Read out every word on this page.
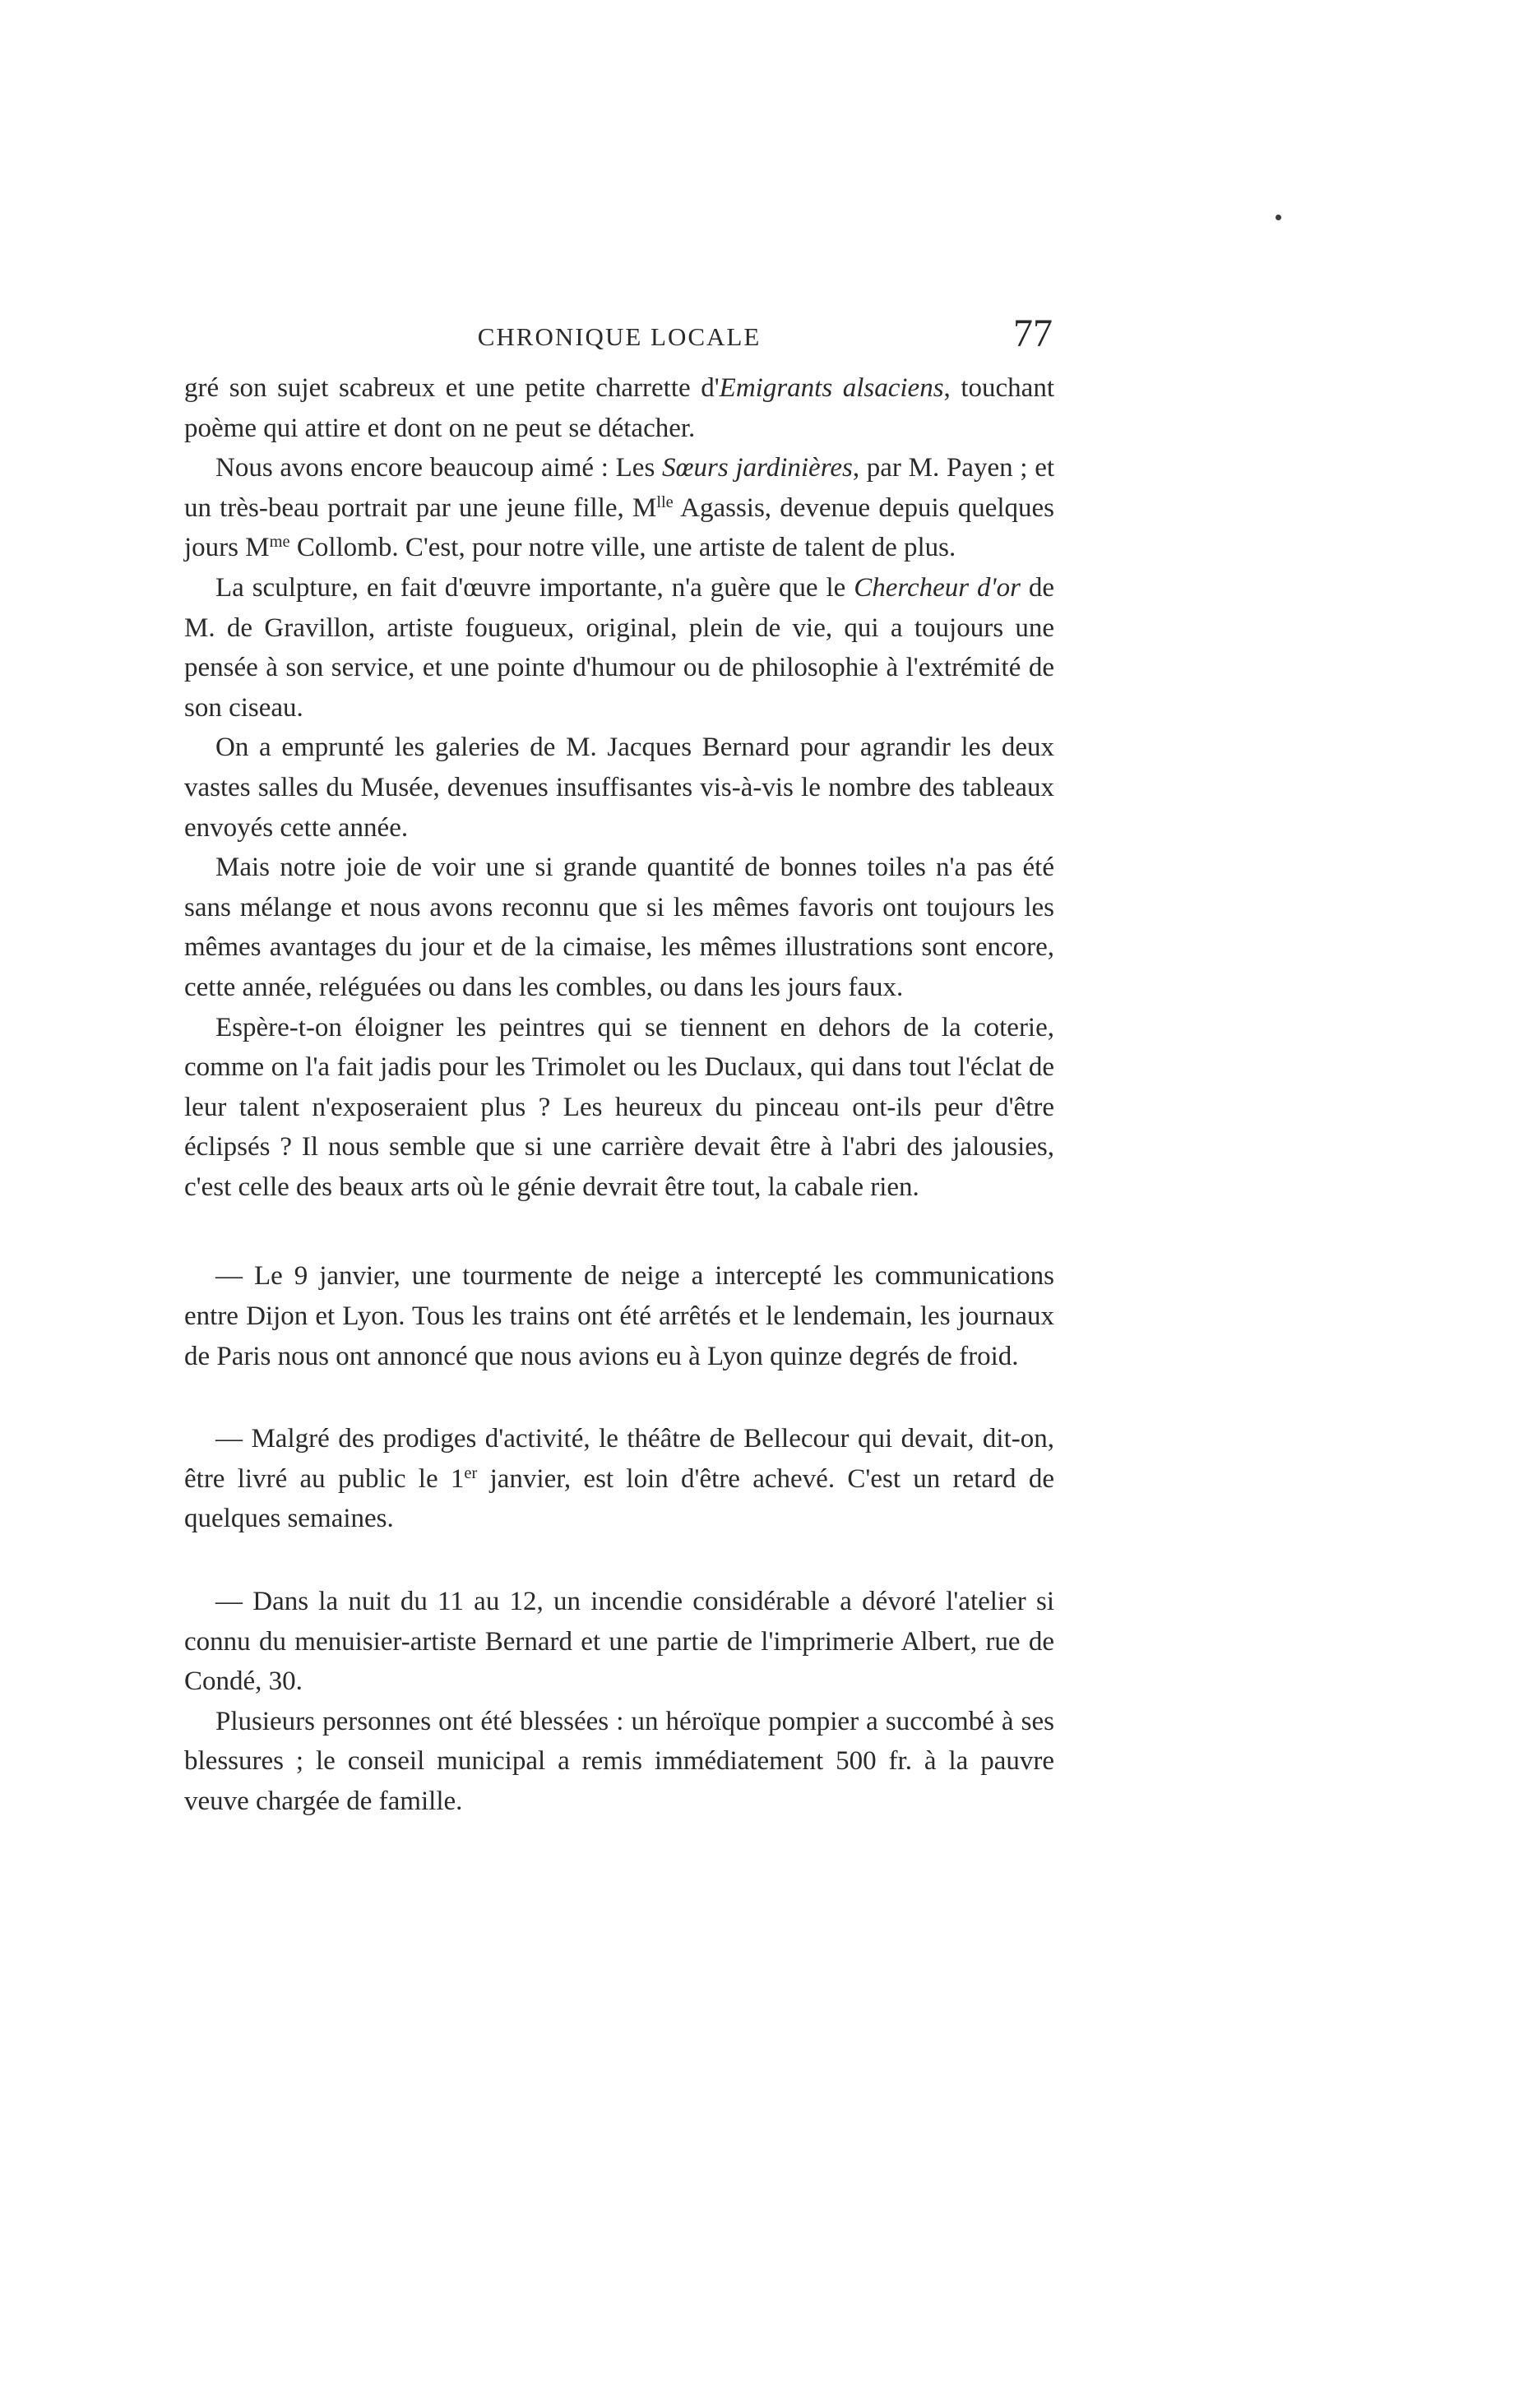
CHRONIQUE LOCALE	77

gré son sujet scabreux et une petite charrette d'Emigrants alsaciens, touchant poème qui attire et dont on ne peut se détacher.

Nous avons encore beaucoup aimé : Les Sœurs jardinières, par M. Payen ; et un très-beau portrait par une jeune fille, $M^{lle}$ Agassis, devenue depuis quelques jours $M^{me}$ Collomb. C'est, pour notre ville, une artiste de talent de plus.

La sculpture, en fait d'œuvre importante, n'a guère que le Chercheur d'or de M. de Gravillon, artiste fougueux, original, plein de vie, qui a toujours une pensée à son service, et une pointe d'humour ou de philosophie à l'extrémité de son ciseau.

On a emprunté les galeries de M. Jacques Bernard pour agrandir les deux vastes salles du Musée, devenues insuffisantes vis-à-vis le nombre des tableaux envoyés cette année.

Mais notre joie de voir une si grande quantité de bonnes toiles n'a pas été sans mélange et nous avons reconnu que si les mêmes favoris ont toujours les mêmes avantages du jour et de la cimaise, les mêmes illustrations sont encore, cette année, reléguées ou dans les combles, ou dans les jours faux.

Espère-t-on éloigner les peintres qui se tiennent en dehors de la coterie, comme on l'a fait jadis pour les Trimolet ou les Duclaux, qui dans tout l'éclat de leur talent n'exposeraient plus ? Les heureux du pinceau ont-ils peur d'être éclipsés ? Il nous semble que si une carrière devait être à l'abri des jalousies, c'est celle des beaux arts où le génie devrait être tout, la cabale rien.

— Le 9 janvier, une tourmente de neige a intercepté les communications entre Dijon et Lyon. Tous les trains ont été arrêtés et le lendemain, les journaux de Paris nous ont annoncé que nous avions eu à Lyon quinze degrés de froid.

— Malgré des prodiges d'activité, le théâtre de Bellecour qui devait, dit-on, être livré au public le 1er janvier, est loin d'être achevé. C'est un retard de quelques semaines.

— Dans la nuit du 11 au 12, un incendie considérable a dévoré l'atelier si connu du menuisier-artiste Bernard et une partie de l'imprimerie Albert, rue de Condé, 30.

Plusieurs personnes ont été blessées : un héroïque pompier a succombé à ses blessures ; le conseil municipal a remis immédiatement 500 fr. à la pauvre veuve chargée de famille.
